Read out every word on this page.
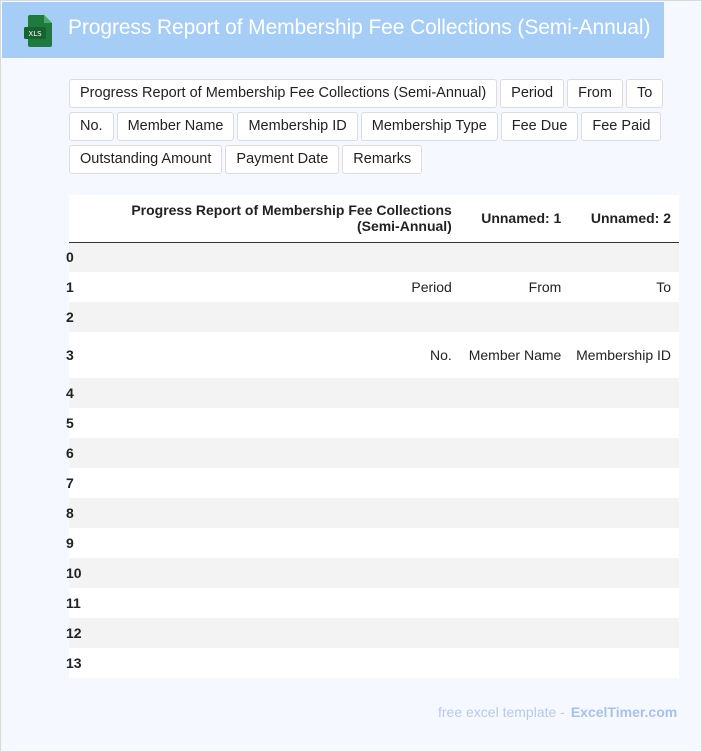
XLS Progress Report of Membership Fee Collections (Semi-Annual)
Progress Report of Membership Fee Collections (Semi-Annual)	Period	From	To
No.	Member Name	Membership ID	Membership Type	Fee Due	Fee Paid
Outstanding Amount	Payment Date	Remarks
	Progress Report of Membership Fee Collections (Semi-Annual)	Unnamed: 1	Unnamed: 2
0			
1	Period	From	To
2			
3	No.	Member Name	Membership ID
4			
5			
6			
7			
8			
9			
10			
11			
12			
13			
free excel template - ExcelTimer.com
